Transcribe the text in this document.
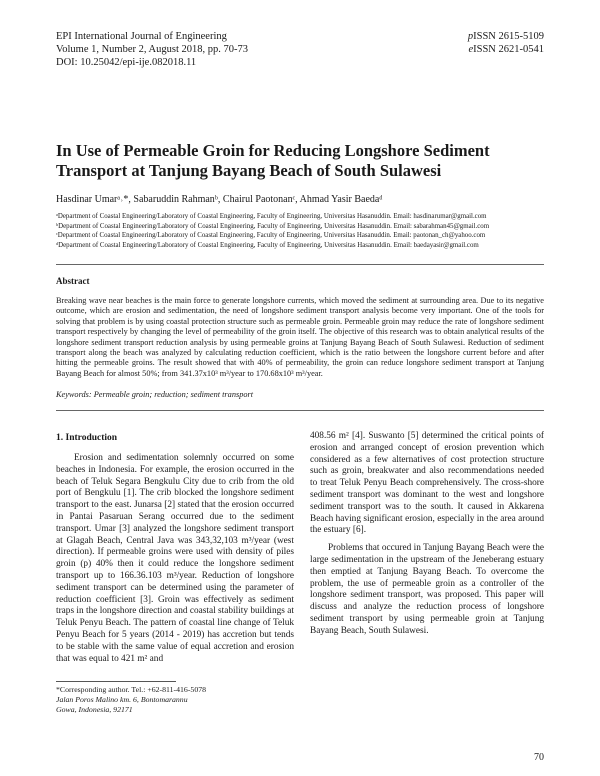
EPI International Journal of Engineering
Volume 1, Number 2, August 2018, pp. 70-73
DOI: 10.25042/epi-ije.082018.11
pISSN 2615-5109
eISSN 2621-0541
In Use of Permeable Groin for Reducing Longshore Sediment
Transport at Tanjung Bayang Beach of South Sulawesi
Hasdinar Umarᵃ˒*, Sabaruddin Rahmanᵇ, Chairul Paotonanᶜ, Ahmad Yasir Baedaᵈ
ᵃDepartment of Coastal Engineering/Laboratory of Coastal Engineering, Faculty of Engineering, Universitas Hasanuddin. Email: hasdinarumar@gmail.com
ᵇDepartment of Coastal Engineering/Laboratory of Coastal Engineering, Faculty of Engineering, Universitas Hasanuddin. Email: sabarahman45@gmail.com
ᶜDepartment of Coastal Engineering/Laboratory of Coastal Engineering, Faculty of Engineering, Universitas Hasanuddin. Email: paotonan_ch@yahoo.com
ᵈDepartment of Coastal Engineering/Laboratory of Coastal Engineering, Faculty of Engineering, Universitas Hasanuddin. Email: baedayasir@gmail.com
Abstract
Breaking wave near beaches is the main force to generate longshore currents, which moved the sediment at surrounding area. Due to its negative outcome, which are erosion and sedimentation, the need of longshore sediment transport analysis become very important. One of the tools for solving that problem is by using coastal protection structure such as permeable groin. Permeable groin may reduce the rate of longshore sediment transport respectively by changing the level of permeability of the groin itself. The objective of this research was to obtain analytical results of the longshore sediment transport reduction analysis by using permeable groins at Tanjung Bayang Beach of South Sulawesi. Reduction of sediment transport along the beach was analyzed by calculating reduction coefficient, which is the ratio between the longshore current before and after hitting the permeable groins. The result showed that with 40% of permeability, the groin can reduce longshore sediment transport at Tanjung Bayang Beach for almost 50%; from 341.37x10³ m³/year to 170.68x10³ m³/year.
Keywords: Permeable groin; reduction; sediment transport
1. Introduction

Erosion and sedimentation solemnly occurred on some beaches in Indonesia. For example, the erosion occurred in the beach of Teluk Segara Bengkulu City due to crib from the old port of Bengkulu [1]. The crib blocked the longshore sediment transport to the east. Junarsa [2] stated that the erosion occurred in Pantai Pasaruan Serang occurred due to the sediment transport. Umar [3] analyzed the longshore sediment transport at Glagah Beach, Central Java was 343,32,103 m³/year (west direction). If permeable groins were used with density of piles groin (p) 40% then it could reduce the longshore sediment transport up to 166.36.103 m³/year. Reduction of longshore sediment transport can be determined using the parameter of reduction coefficient [3]. Groin was effectively as sediment traps in the longshore direction and coastal stability buildings at Teluk Penyu Beach. The pattern of coastal line change of Teluk Penyu Beach for 5 years (2014 - 2019) has accretion but tends to be stable with the same value of equal accretion and erosion that was equal to 421 m² and

408.56 m² [4]. Suswanto [5] determined the critical points of erosion and arranged concept of erosion prevention which considered as a few alternatives of cost protection structure such as groin, breakwater and also recommendations needed to treat Teluk Penyu Beach comprehensively. The cross-shore sediment transport was dominant to the west and longshore sediment transport was to the south. It caused in Akkarena Beach having significant erosion, especially in the area around the estuary [6].

Problems that occured in Tanjung Bayang Beach were the large sedimentation in the upstream of the Jeneberang estuary then emptied at Tanjung Bayang Beach. To overcome the problem, the use of permeable groin as a controller of the longshore sediment transport, was proposed. This paper will discuss and analyze the reduction process of longshore sediment transport by using permeable groin at Tanjung Bayang Beach, South Sulawesi.

*Corresponding author. Tel.: +62-811-416-5078
Jalan Poros Malino km. 6, Bontomarannu
Gowa, Indonesia, 92171
70
